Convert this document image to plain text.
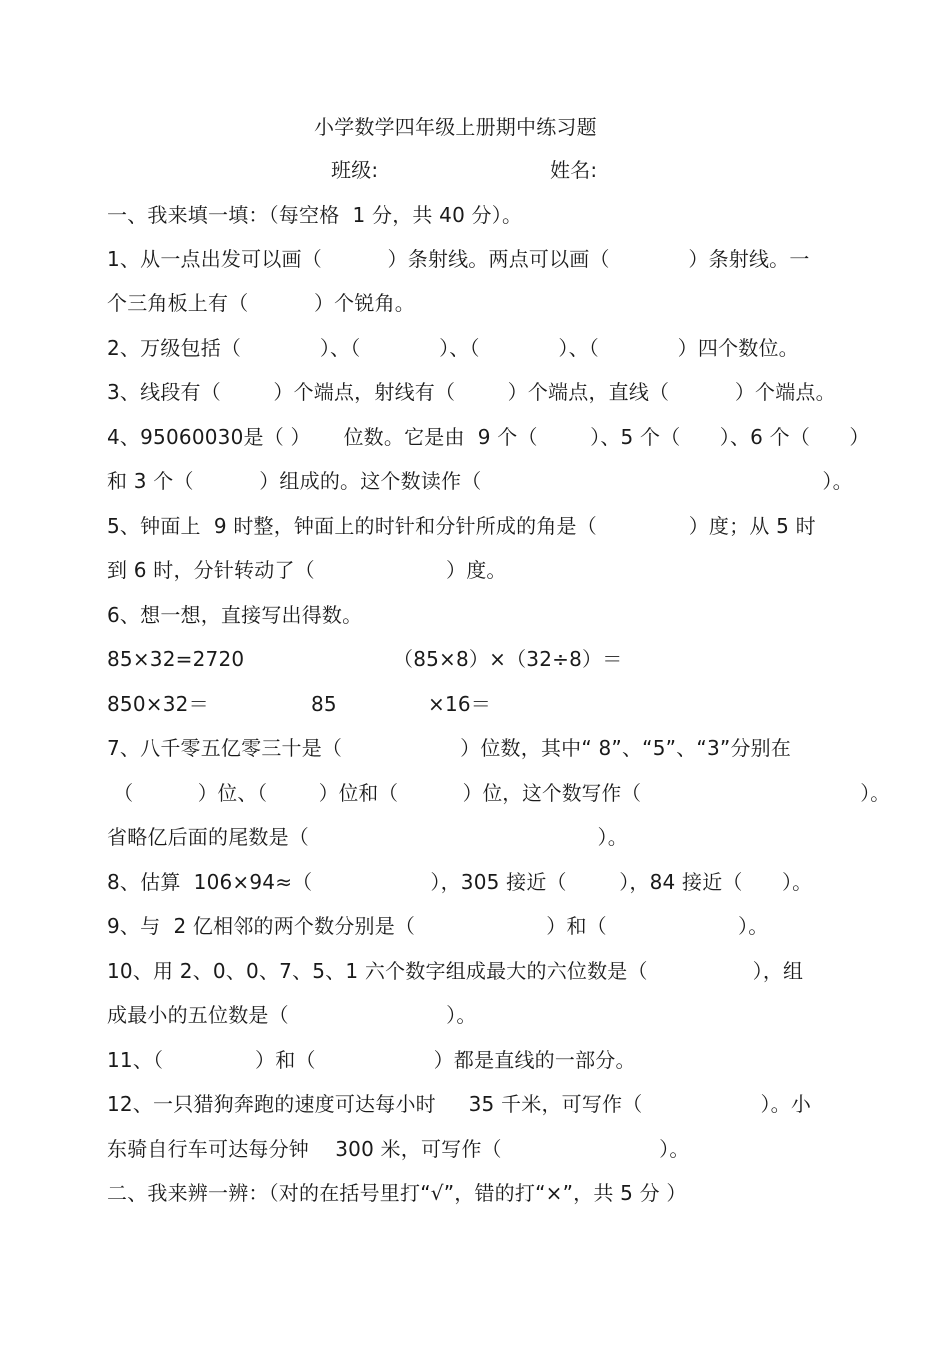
小学数学四年级上册期中练习题
班级:	姓名:
一、我来填一填：（每空格  1 分，共 40 分）。
1、从一点出发可以画（          ）条射线。两点可以画（            ）条射线。一
个三角板上有（          ）个锐角。
2、万级包括（            ）、（            ）、（            ）、（            ）四个数位。
3、线段有（        ）个端点，射线有（        ）个端点，直线（          ）个端点。
4、95060030是（ ）     位数。它是由  9 个（        ）、5 个（      ）、6 个（      ）
和 3 个（          ）组成的。这个数读作（                                                    ）。
5、钟面上  9 时整，钟面上的时针和分针所成的角是（              ）度；从 5 时
到 6 时，分针转动了（                    ）度。
6、想一想，直接写出得数。
85×32=2720	（85×8）×（32÷8）＝
850×32＝	85	×16＝
7、八千零五亿零三十是（                  ）位数，其中“ 8”、“5”、“3”分别在
（          ）位、（        ）位和（          ）位，这个数写作（                                  ）。
省略亿后面的尾数是（                                            ）。
8、估算  106×94≈（                  ），305 接近（        ），84 接近（      ）。
9、与  2 亿相邻的两个数分别是（                    ）和（                    ）。
10、用 2、0、0、7、5、1 六个数字组成最大的六位数是（                ），组
成最小的五位数是（                        ）。
11、（              ）和（                  ）都是直线的一部分。
12、一只猎狗奔跑的速度可达每小时     35 千米，可写作（                  ）。小
东骑自行车可达每分钟    300 米，可写作（                        ）。
二、我来辨一辨：（对的在括号里打“√”，错的打“×”，共 5 分 ）
